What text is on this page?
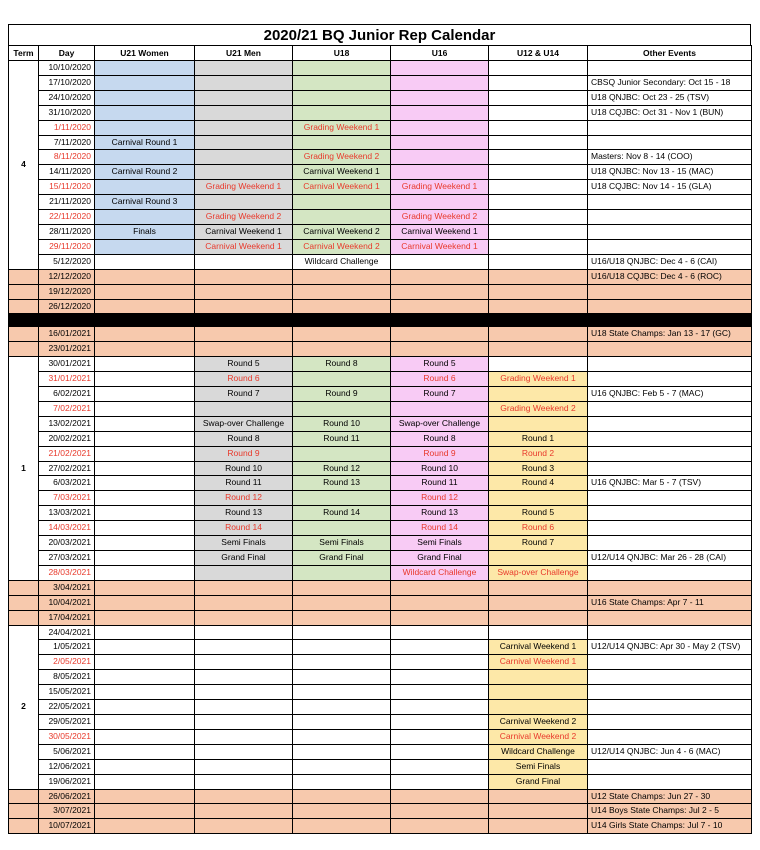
2020/21 BQ Junior Rep Calendar
Term	Day	U21 Women	U21 Men	U18	U16	U12 & U14	Other Events
4	10/10/2020						
	17/10/2020						CBSQ Junior Secondary: Oct 15 - 18
	24/10/2020						U18 QNJBC: Oct 23 - 25 (TSV)
	31/10/2020						U18 CQJBC: Oct 31 - Nov 1 (BUN)
	1/11/2020			Grading Weekend 1			
	7/11/2020	Carnival Round 1					
	8/11/2020			Grading Weekend 2			Masters: Nov 8 - 14 (COO)
	14/11/2020	Carnival Round 2		Carnival Weekend 1			U18 QNJBC: Nov 13 - 15 (MAC)
	15/11/2020		Grading Weekend 1	Carnival Weekend 1	Grading Weekend 1		U18 CQJBC: Nov 14 - 15 (GLA)
	21/11/2020	Carnival Round 3					
	22/11/2020		Grading Weekend 2		Grading Weekend 2		
	28/11/2020	Finals	Carnival Weekend 1	Carnival Weekend 2	Carnival Weekend 1		
	29/11/2020		Carnival Weekend 1	Carnival Weekend 2	Carnival Weekend 1		
	5/12/2020			Wildcard Challenge			U16/U18 QNJBC: Dec 4 - 6 (CAI)
	12/12/2020						U16/U18 CQJBC: Dec 4 - 6 (ROC)
	19/12/2020						
	26/12/2020						

	16/01/2021						U18 State Champs: Jan 13 - 17 (GC)
	23/01/2021						
1	30/01/2021		Round 5	Round 8	Round 5		
	31/01/2021		Round 6		Round 6	Grading Weekend 1	
	6/02/2021		Round 7	Round 9	Round 7		U16 QNJBC: Feb 5 - 7 (MAC)
	7/02/2021					Grading Weekend 2	
	13/02/2021		Swap-over Challenge	Round 10	Swap-over Challenge		
	20/02/2021		Round 8	Round 11	Round 8	Round 1	
	21/02/2021		Round 9		Round 9	Round 2	
	27/02/2021		Round 10	Round 12	Round 10	Round 3	
	6/03/2021		Round 11	Round 13	Round 11	Round 4	U16 QNJBC: Mar 5 - 7 (TSV)
	7/03/2021		Round 12		Round 12		
	13/03/2021		Round 13	Round 14	Round 13	Round 5	
	14/03/2021		Round 14		Round 14	Round 6	
	20/03/2021		Semi Finals	Semi Finals	Semi Finals	Round 7	
	27/03/2021		Grand Final	Grand Final	Grand Final		U12/U14 QNJBC: Mar 26 - 28 (CAI)
	28/03/2021				Wildcard Challenge	Swap-over Challenge	
	3/04/2021						
	10/04/2021						U16 State Champs: Apr 7 - 11
	17/04/2021						
2	24/04/2021						
	1/05/2021					Carnival Weekend 1	U12/U14 QNJBC: Apr 30 - May 2 (TSV)
	2/05/2021					Carnival Weekend 1	
	8/05/2021						
	15/05/2021						
	22/05/2021						
	29/05/2021					Carnival Weekend 2	
	30/05/2021					Carnival Weekend 2	
	5/06/2021					Wildcard Challenge	U12/U14 QNJBC: Jun 4 - 6 (MAC)
	12/06/2021					Semi Finals	
	19/06/2021					Grand Final	
	26/06/2021						U12 State Champs: Jun 27 - 30
	3/07/2021						U14 Boys State Champs: Jul 2 - 5
	10/07/2021						U14 Girls State Champs: Jul 7 - 10
